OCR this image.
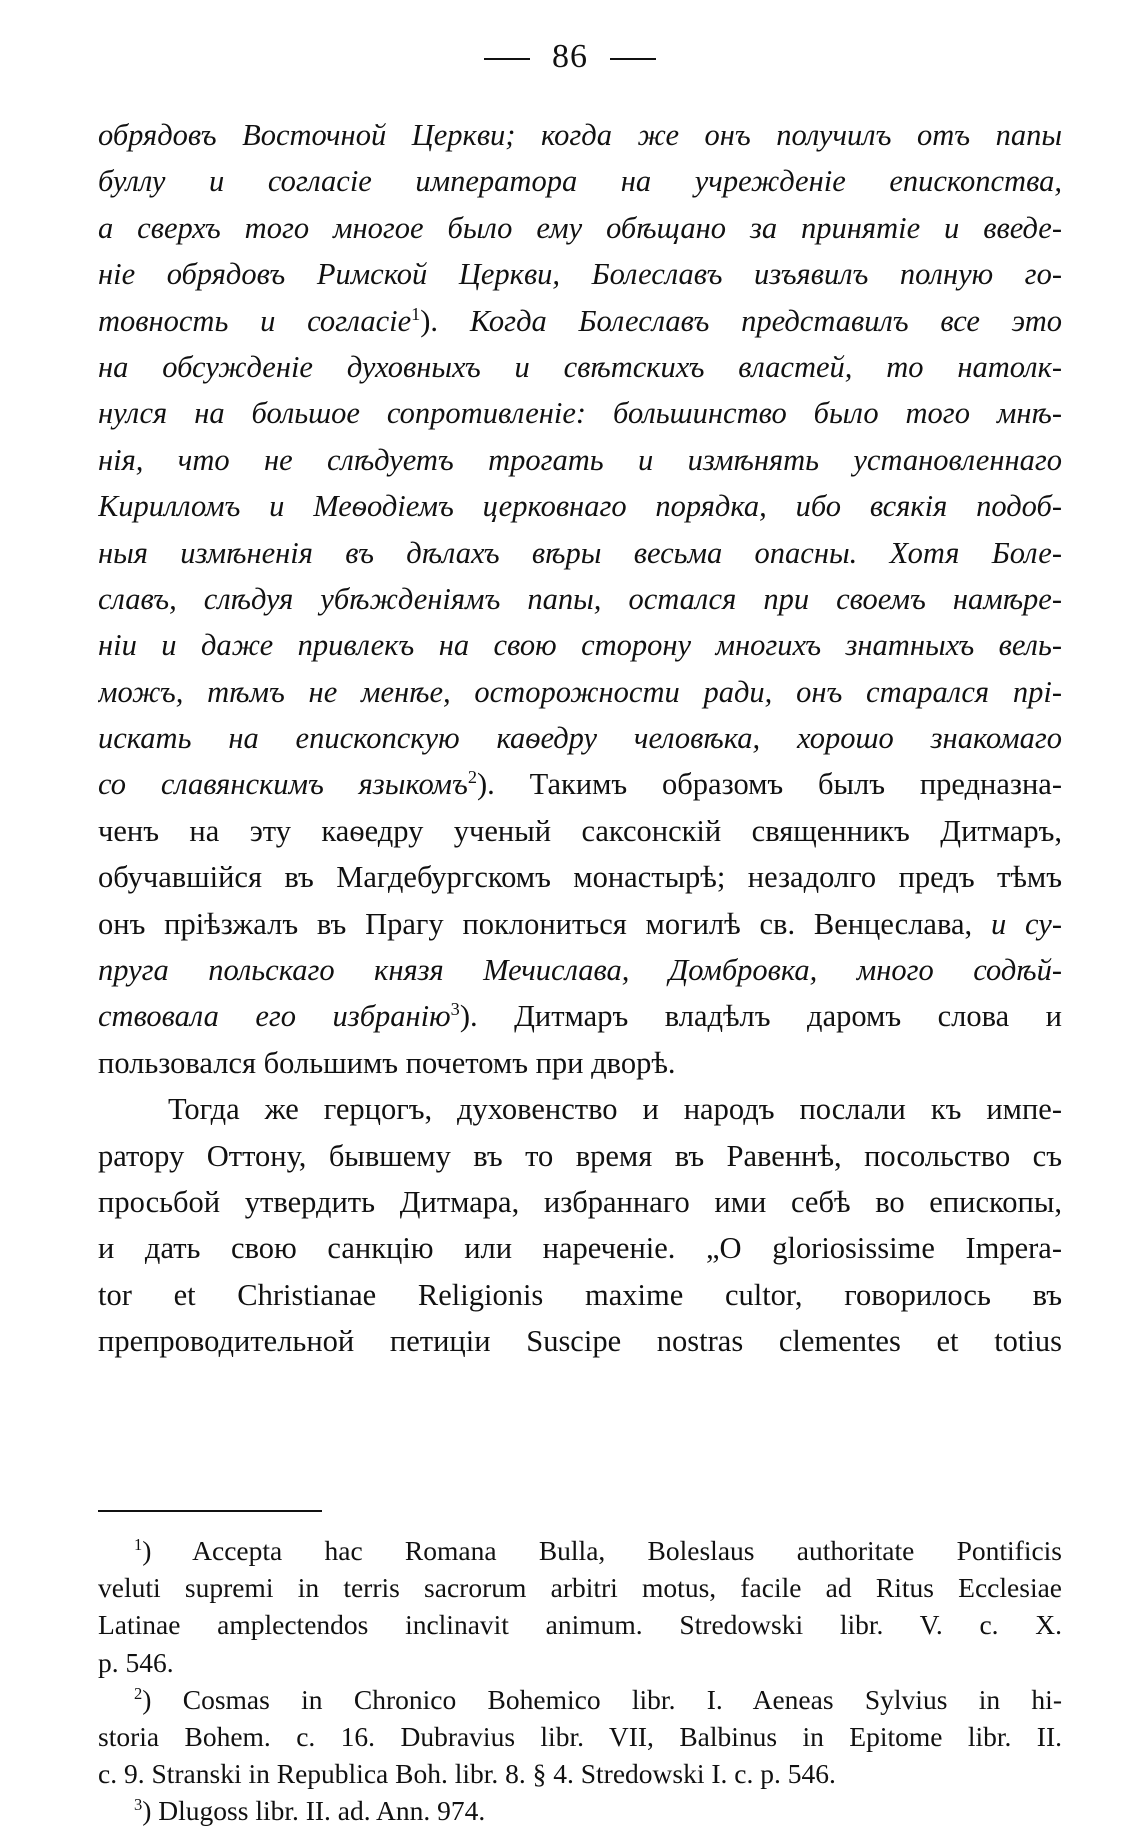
86
обрядовъ Восточной Церкви; когда же онъ получилъ отъ папы
буллу и согласіе императора на учрежденіе епископства,
а сверхъ того многое было ему обѣщано за принятіе и введе-
ніе обрядовъ Римской Церкви, Болеславъ изъявилъ полную го-
товность и согласіе$^1$). Когда Болеславъ представилъ все это
на обсужденіе духовныхъ и свѣтскихъ властей, то натолк-
нулся на большое сопротивленіе: большинство было того мнѣ-
нія, что не слѣдуетъ трогать и измѣнять установленнаго
Кирилломъ и Меѳодіемъ церковнаго порядка, ибо всякія подоб-
ныя измѣненія въ дѣлахъ вѣры весьма опасны. Хотя Боле-
славъ, слѣдуя убѣжденіямъ папы, остался при своемъ намѣре-
ніи и даже привлекъ на свою сторону многихъ знатныхъ вель-
можъ, тѣмъ не менѣе, осторожности ради, онъ старался прі-
искать на епископскую каѳедру человѣка, хорошо знакомаго
со славянскимъ языкомъ$^2$). Такимъ образомъ былъ предназна-
ченъ на эту каѳедру ученый саксонскій священникъ Дитмаръ,
обучавшійся въ Магдебургскомъ монастырѣ; незадолго предъ тѣмъ
онъ пріѣзжалъ въ Прагу поклониться могилѣ св. Венцеслава, и су-
пруга польскаго князя Мечислава, Домбровка, много содѣй-
ствовала его избранію$^3$). Дитмаръ владѣлъ даромъ слова и
пользовался большимъ почетомъ при дворѣ.
Тогда же герцогъ, духовенство и народъ послали къ импе-
ратору Оттону, бывшему въ то время въ Равеннѣ, посольство съ
просьбой утвердить Дитмара, избраннаго ими себѣ во епископы,
и дать свою санкцію или нареченіе. „O gloriosissime Impera-
tor et Christianae Religionis maxime cultor, говорилось въ
препроводительной петиціи Suscipe nostras clementes et totius
$^1$) Accepta hac Romana Bulla, Boleslaus authoritate Pontificis
veluti supremi in terris sacrorum arbitri motus, facile ad Ritus Ecclesiae
Latinae amplectendos inclinavit animum. Stredowski libr. V. c. X.
p. 546.
$^2$) Cosmas in Chronico Bohemico libr. I. Aeneas Sylvius in hi-
storia Bohem. c. 16. Dubravius libr. VII, Balbinus in Epitome libr. II.
c. 9. Stranski in Republica Boh. libr. 8. § 4. Stredowski I. c. p. 546.
$^3$) Dlugoss libr. II. ad. Ann. 974.
